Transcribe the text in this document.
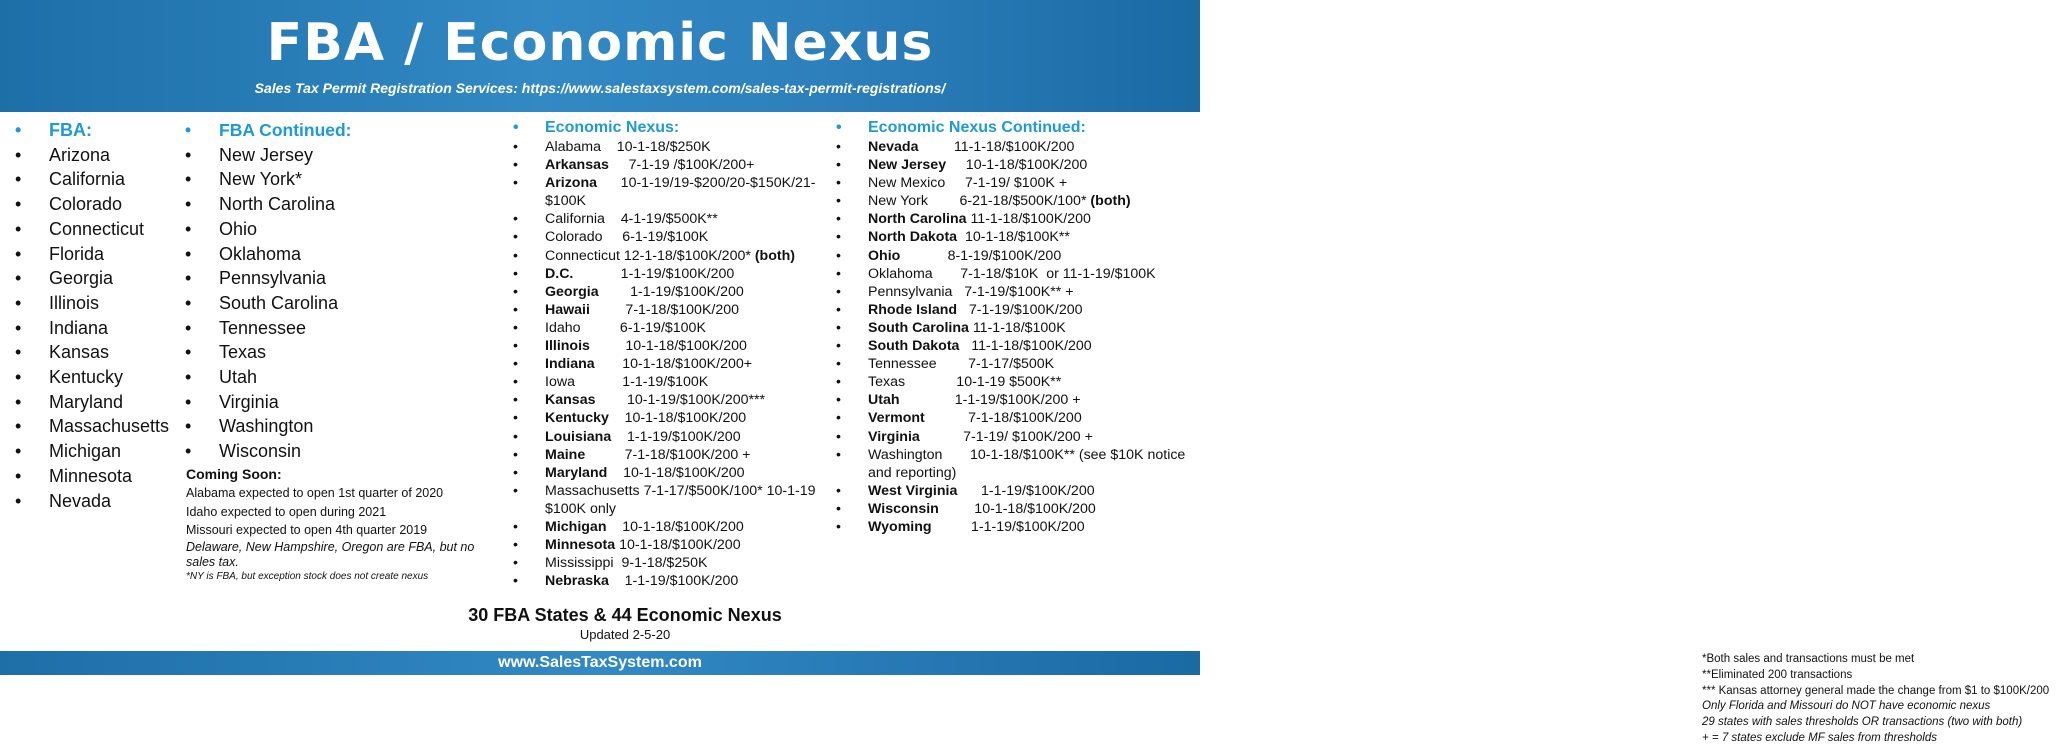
FBA / Economic Nexus
Sales Tax Permit Registration Services: https://www.salestaxsystem.com/sales-tax-permit-registrations/
• FBA:
• Arizona
• California
• Colorado
• Connecticut
• Florida
• Georgia
• Illinois
• Indiana
• Kansas
• Kentucky
• Maryland
• Massachusetts
• Michigan
• Minnesota
• Nevada
• FBA Continued:
• New Jersey
• New York*
• North Carolina
• Ohio
• Oklahoma
• Pennsylvania
• South Carolina
• Tennessee
• Texas
• Utah
• Virginia
• Washington
• Wisconsin
Coming Soon:
Alabama expected to open 1st quarter of 2020
Idaho expected to open during 2021
Missouri expected to open 4th quarter 2019
Delaware, New Hampshire, Oregon are FBA, but no sales tax.
*NY is FBA, but exception stock does not create nexus
• Economic Nexus:
• Alabama    10-1-18/$250K
• Arkansas     7-1-19 /$100K/200+
• Arizona      10-1-19/19-$200/20-$150K/21- $100K
• California    4-1-19/$500K**
• Colorado     6-1-19/$100K
• Connecticut 12-1-18/$100K/200* (both)
• D.C.            1-1-19/$100K/200
• Georgia        1-1-19/$100K/200
• Hawaii         7-1-18/$100K/200
• Idaho          6-1-19/$100K
• Illinois         10-1-18/$100K/200
• Indiana       10-1-18/$100K/200+
• Iowa            1-1-19/$100K
• Kansas        10-1-19/$100K/200***
• Kentucky    10-1-18/$100K/200
• Louisiana    1-1-19/$100K/200
• Maine          7-1-18/$100K/200 +
• Maryland    10-1-18/$100K/200
• Massachusetts 7-1-17/$500K/100* 10-1-19 $100K only
• Michigan    10-1-18/$100K/200
• Minnesota 10-1-18/$100K/200
• Mississippi  9-1-18/$250K
• Nebraska    1-1-19/$100K/200
• Economic Nexus Continued:
• Nevada         11-1-18/$100K/200
• New Jersey     10-1-18/$100K/200
• New Mexico     7-1-19/ $100K +
• New York        6-21-18/$500K/100* (both)
• North Carolina 11-1-18/$100K/200
• North Dakota  10-1-18/$100K**
• Ohio            8-1-19/$100K/200
• Oklahoma       7-1-18/$10K  or 11-1-19/$100K
• Pennsylvania   7-1-19/$100K** +
• Rhode Island   7-1-19/$100K/200
• South Carolina 11-1-18/$100K
• South Dakota   11-1-18/$100K/200
• Tennessee        7-1-17/$500K
• Texas             10-1-19 $500K**
• Utah              1-1-19/$100K/200 +
• Vermont           7-1-18/$100K/200
• Virginia           7-1-19/ $100K/200 +
• Washington       10-1-18/$100K** (see $10K notice and reporting)
• West Virginia      1-1-19/$100K/200
• Wisconsin         10-1-18/$100K/200
• Wyoming          1-1-19/$100K/200
*Both sales and transactions must be met
**Eliminated 200 transactions
*** Kansas attorney general made the change from $1 to $100K/200
Only Florida and Missouri do NOT have economic nexus
29 states with sales thresholds OR transactions (two with both)
+ = 7 states exclude MF sales from thresholds
30 FBA States & 44 Economic Nexus
Updated 2-5-20
www.SalesTaxSystem.com
